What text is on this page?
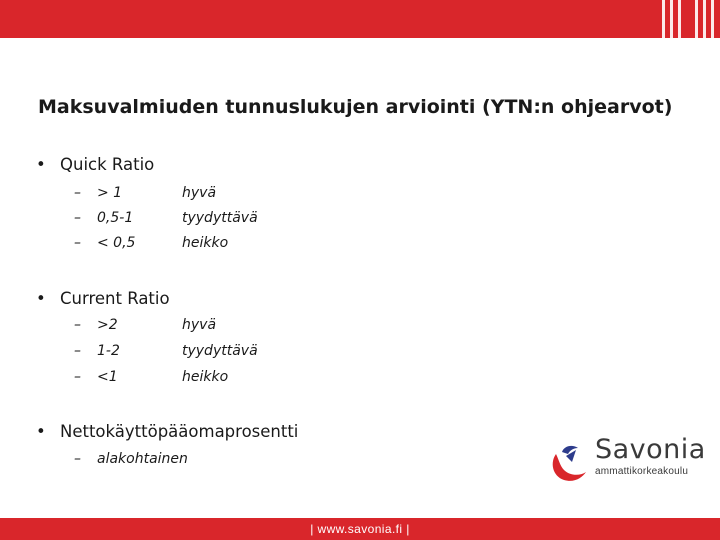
Maksuvalmiuden tunnuslukujen arviointi (YTN:n ohjearvot)
• Quick Ratio
– > 1	hyvä
– 0,5-1	tyydyttävä
– < 0,5	heikko
• Current Ratio
– >2	hyvä
– 1-2	tyydyttävä
– <1	heikko
• Nettokäyttöpääomaprosentti
– alakohtainen	Savonia
ammattikorkeakoulu
| www.savonia.fi |
